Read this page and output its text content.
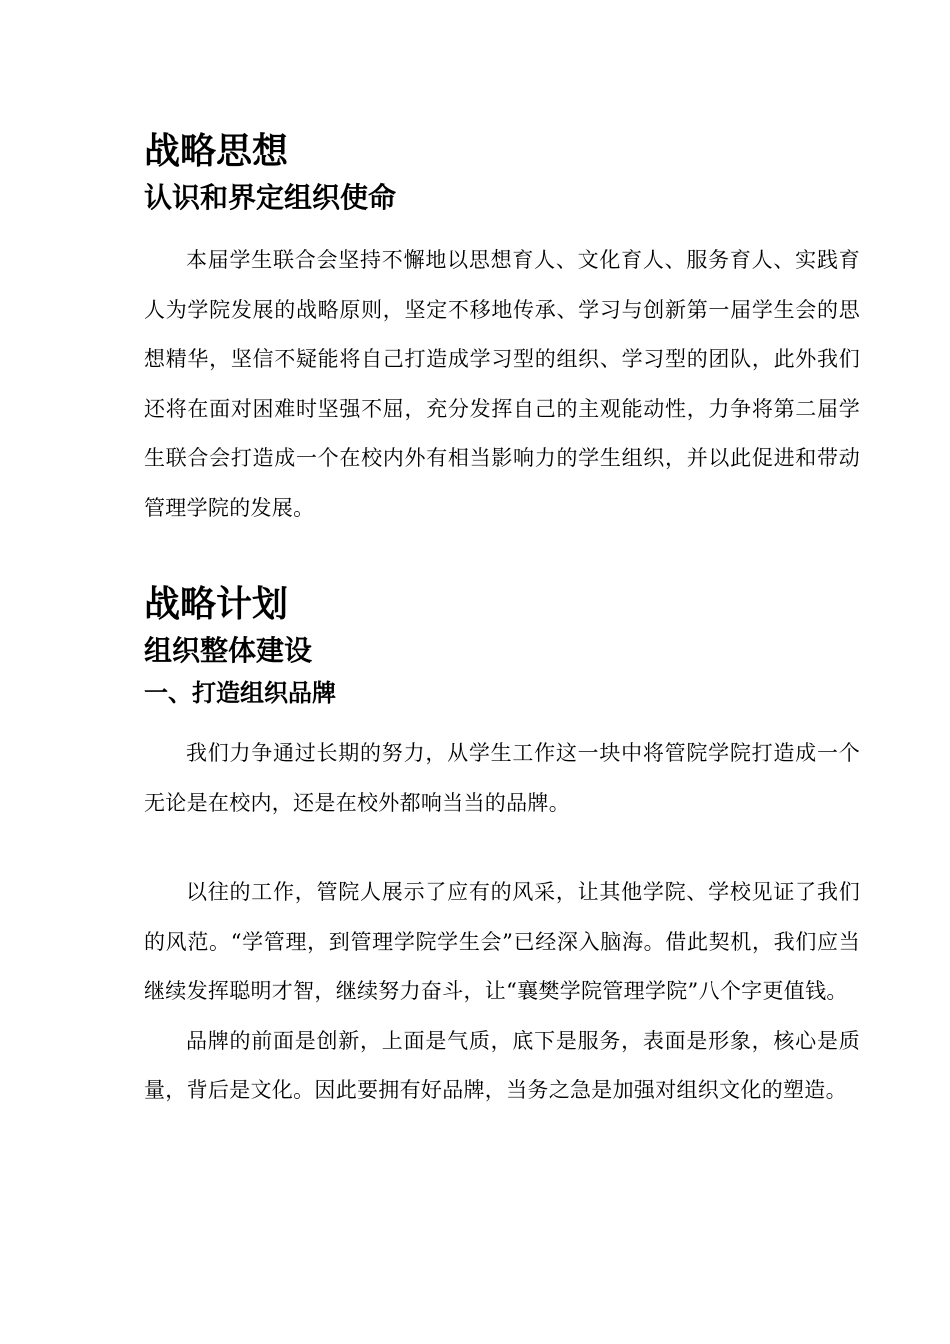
战略思想
认识和界定组织使命

本届学生联合会坚持不懈地以思想育人、文化育人、服务育人、实践育人为学院发展的战略原则，坚定不移地传承、学习与创新第一届学生会的思想精华，坚信不疑能将自己打造成学习型的组织、学习型的团队，此外我们还将在面对困难时坚强不屈，充分发挥自己的主观能动性，力争将第二届学生联合会打造成一个在校内外有相当影响力的学生组织，并以此促进和带动管理学院的发展。

战略计划
组织整体建设
一、打造组织品牌

我们力争通过长期的努力，从学生工作这一块中将管院学院打造成一个无论是在校内，还是在校外都响当当的品牌。

以往的工作，管院人展示了应有的风采，让其他学院、学校见证了我们的风范。“学管理，到管理学院学生会”已经深入脑海。借此契机，我们应当继续发挥聪明才智，继续努力奋斗，让“襄樊学院管理学院”八个字更值钱。

品牌的前面是创新，上面是气质，底下是服务，表面是形象，核心是质量，背后是文化。因此要拥有好品牌，当务之急是加强对组织文化的塑造。
